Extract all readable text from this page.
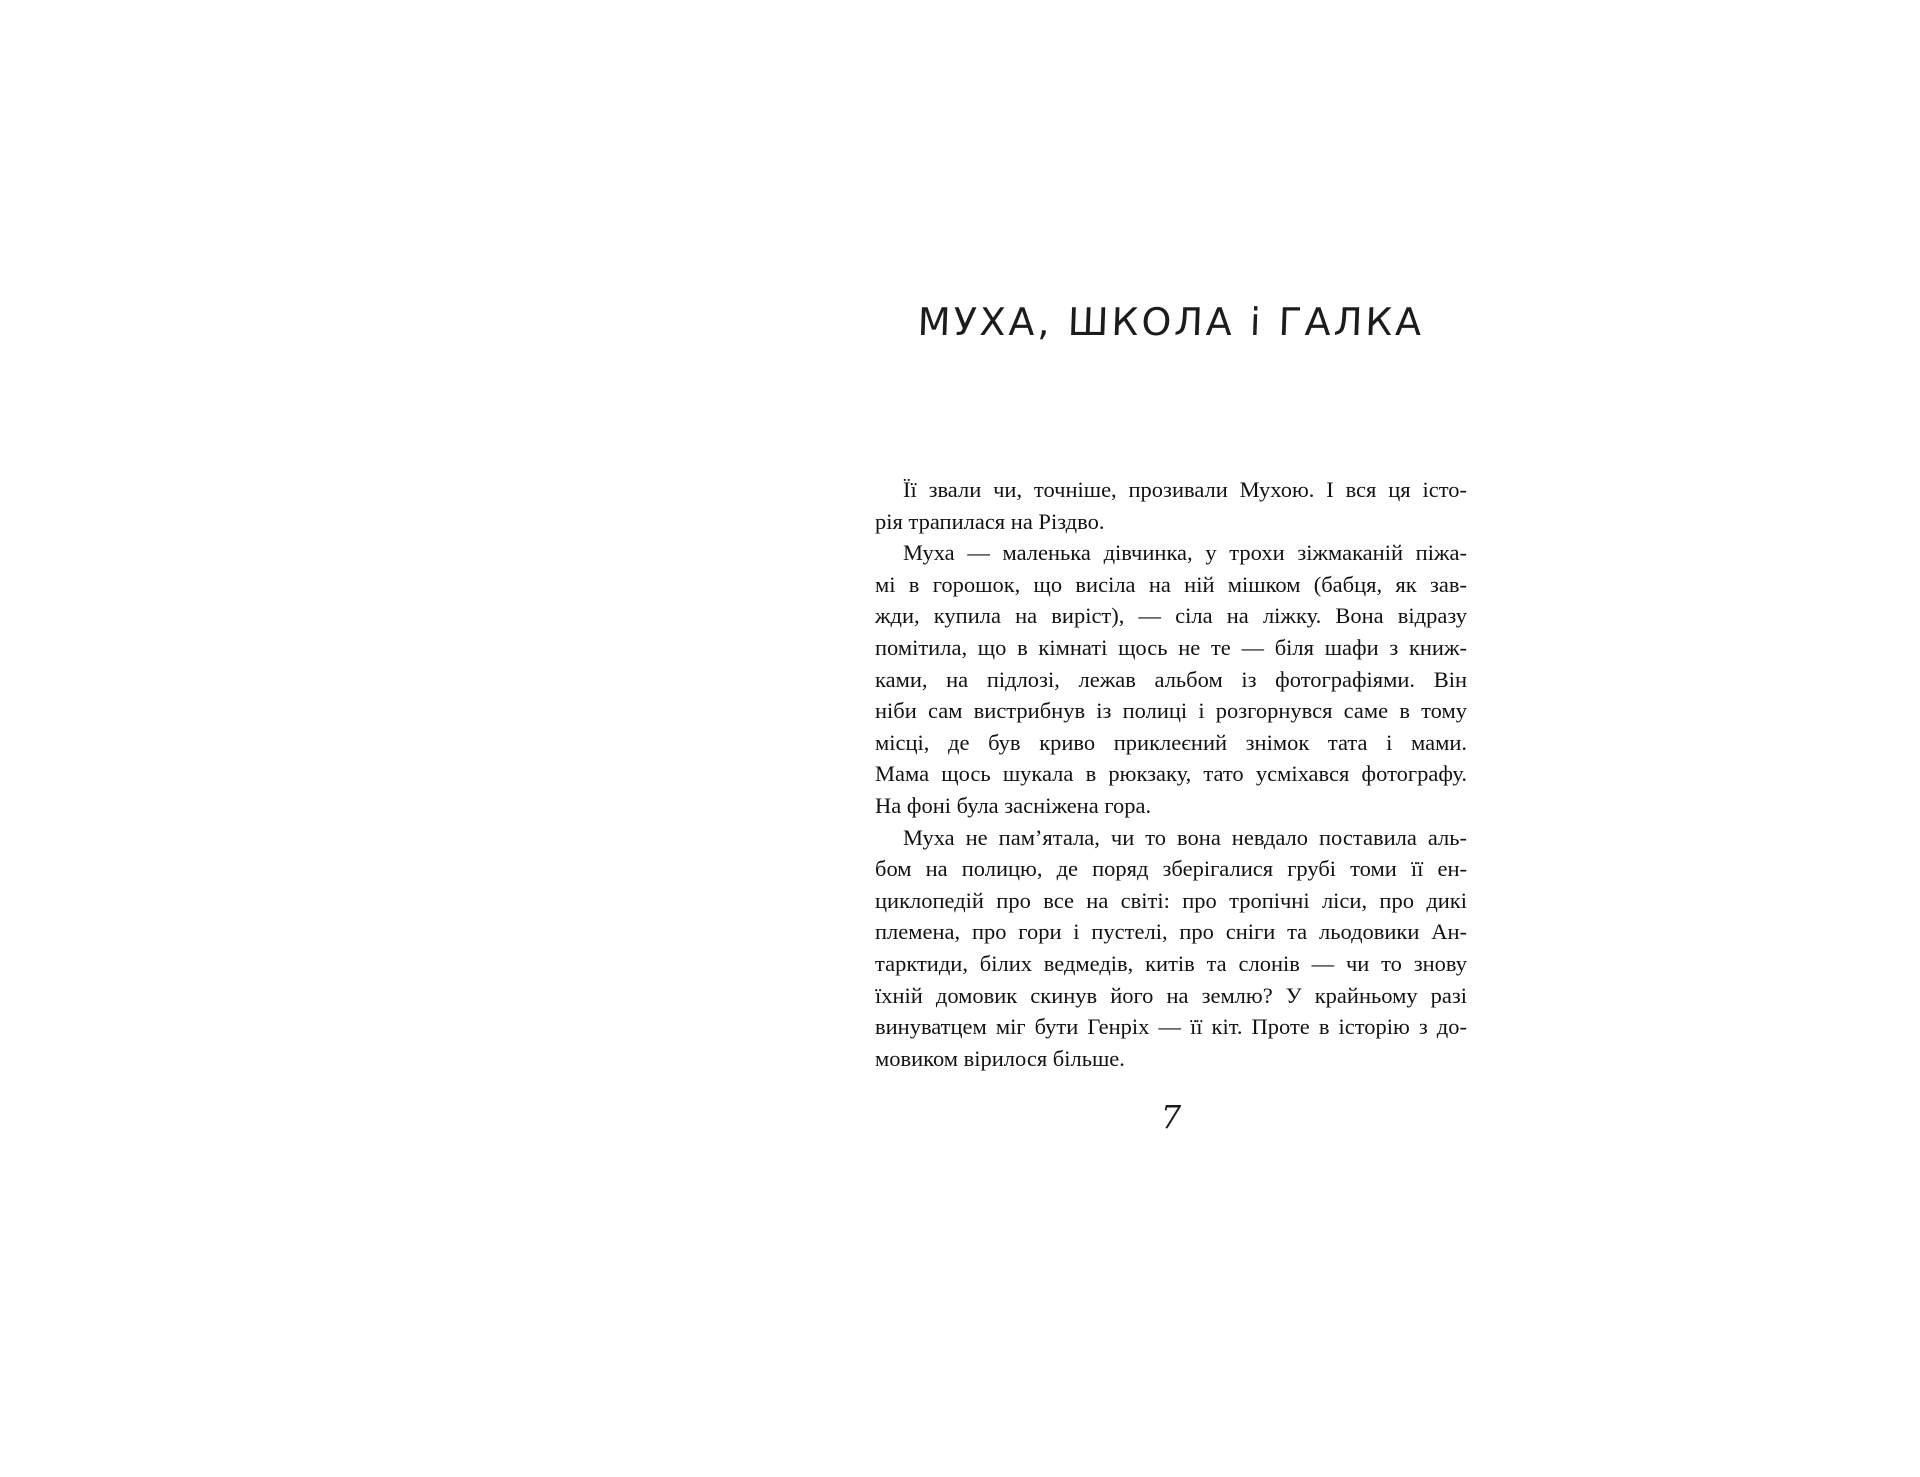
МУХА, ШКОЛА і ГАЛКА
Її звали чи, точніше, прозивали Мухою. І вся ця істо-
рія трапилася на Різдво.
Муха — маленька дівчинка, у трохи зіжмаканій піжа-
мі в горошок, що висіла на ній мішком (бабця, як зав-
жди, купила на виріст), — сіла на ліжку. Вона відразу
помітила, що в кімнаті щось не те — біля шафи з книж-
ками, на підлозі, лежав альбом із фотографіями. Він
ніби сам вистрибнув із полиці і розгорнувся саме в тому
місці, де був криво приклеєний знімок тата і мами.
Мама щось шукала в рюкзаку, тато усміхався фотографу.
На фоні була засніжена гора.
Муха не пам’ятала, чи то вона невдало поставила аль-
бом на полицю, де поряд зберігалися грубі томи її ен-
циклопедій про все на світі: про тропічні ліси, про дикі
племена, про гори і пустелі, про сніги та льодовики Ан-
тарктиди, білих ведмедів, китів та слонів — чи то знову
їхній домовик скинув його на землю? У крайньому разі
винуватцем міг бути Генріх — її кіт. Проте в історію з до-
мовиком вірилося більше.
7
